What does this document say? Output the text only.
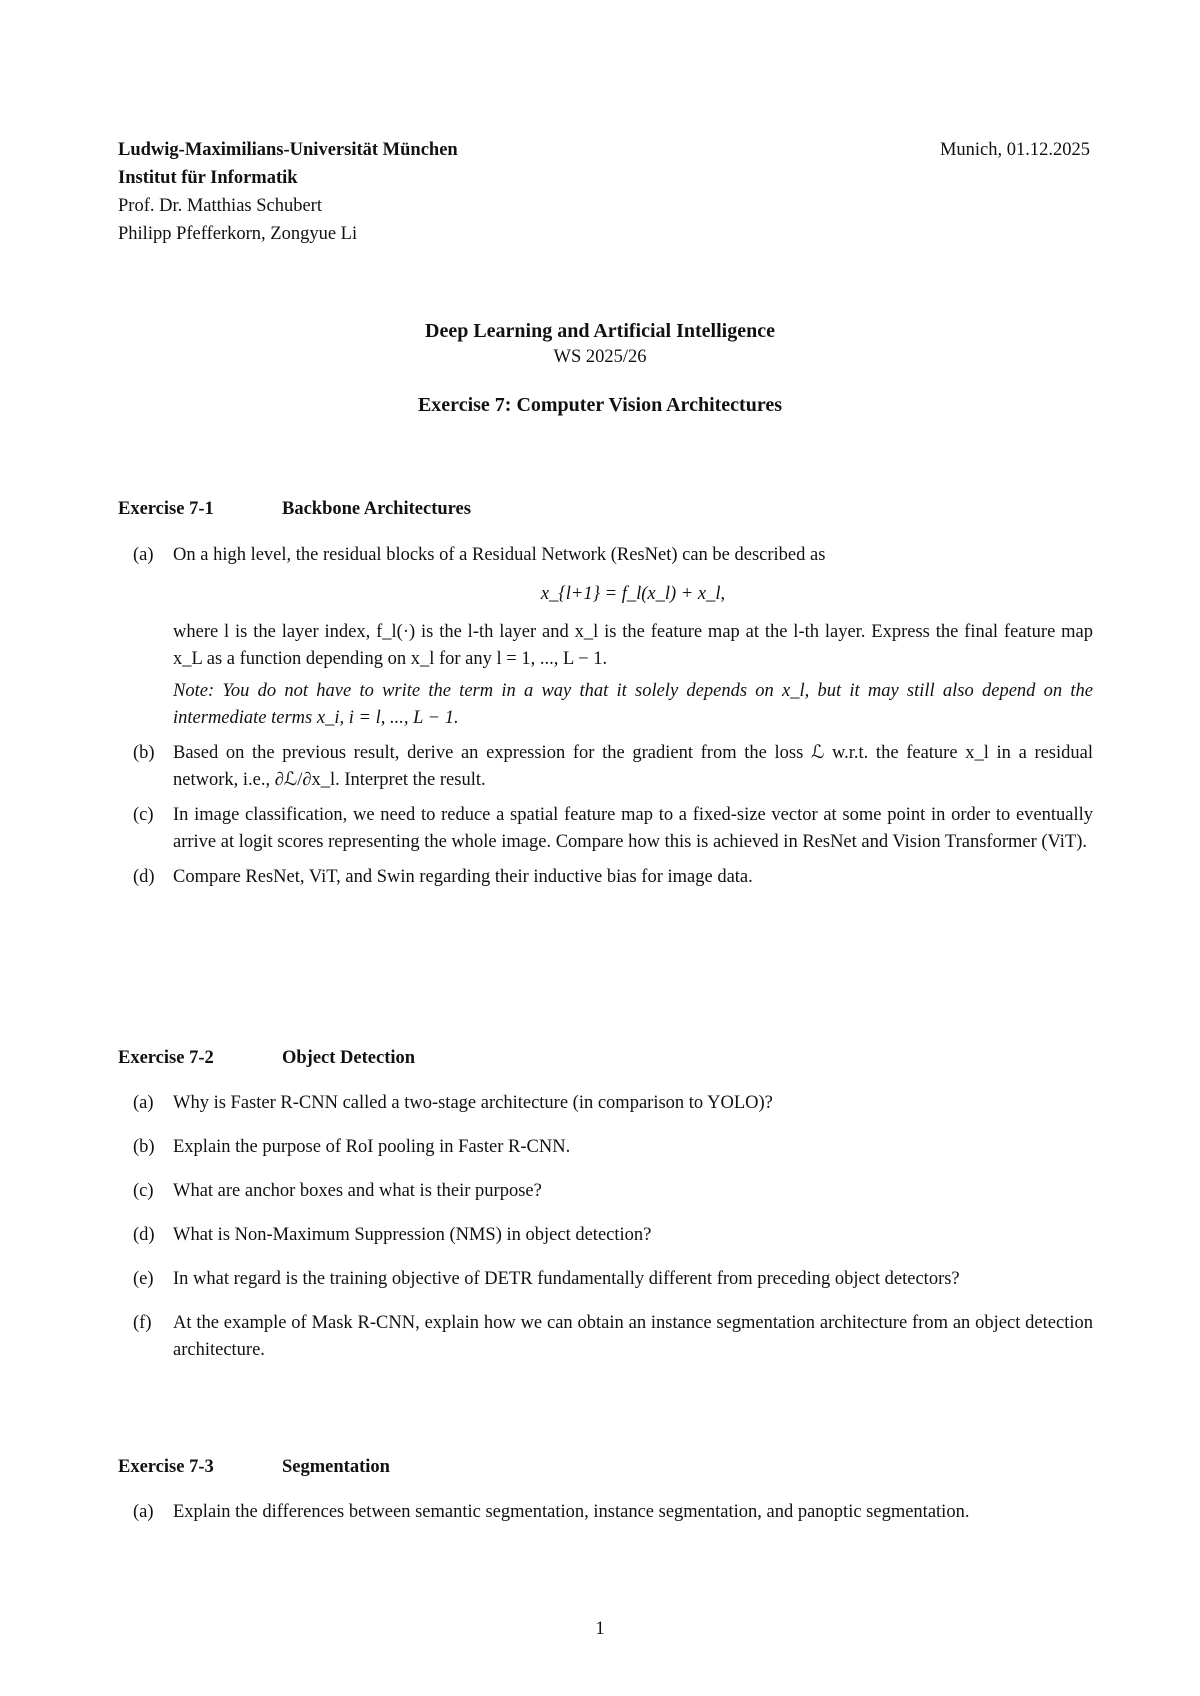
Ludwig-Maximilians-Universität München
Institut für Informatik
Prof. Dr. Matthias Schubert
Philipp Pfefferkorn, Zongyue Li
Munich, 01.12.2025
Deep Learning and Artificial Intelligence
WS 2025/26
Exercise 7: Computer Vision Architectures
Exercise 7-1	Backbone Architectures
(a) On a high level, the residual blocks of a Residual Network (ResNet) can be described as
x_{l+1} = f_l(x_l) + x_l,
where l is the layer index, f_l(·) is the l-th layer and x_l is the feature map at the l-th layer. Express the final feature map x_L as a function depending on x_l for any l = 1, ..., L − 1.
Note: You do not have to write the term in a way that it solely depends on x_l, but it may still also depend on the intermediate terms x_i, i = l, ..., L − 1.
(b) Based on the previous result, derive an expression for the gradient from the loss ℒ w.r.t. the feature x_l in a residual network, i.e., ∂ℒ/∂x_l. Interpret the result.
(c) In image classification, we need to reduce a spatial feature map to a fixed-size vector at some point in order to eventually arrive at logit scores representing the whole image. Compare how this is achieved in ResNet and Vision Transformer (ViT).
(d) Compare ResNet, ViT, and Swin regarding their inductive bias for image data.
Exercise 7-2	Object Detection
(a) Why is Faster R-CNN called a two-stage architecture (in comparison to YOLO)?
(b) Explain the purpose of RoI pooling in Faster R-CNN.
(c) What are anchor boxes and what is their purpose?
(d) What is Non-Maximum Suppression (NMS) in object detection?
(e) In what regard is the training objective of DETR fundamentally different from preceding object detectors?
(f) At the example of Mask R-CNN, explain how we can obtain an instance segmentation architecture from an object detection architecture.
Exercise 7-3	Segmentation
(a) Explain the differences between semantic segmentation, instance segmentation, and panoptic segmentation.
1
